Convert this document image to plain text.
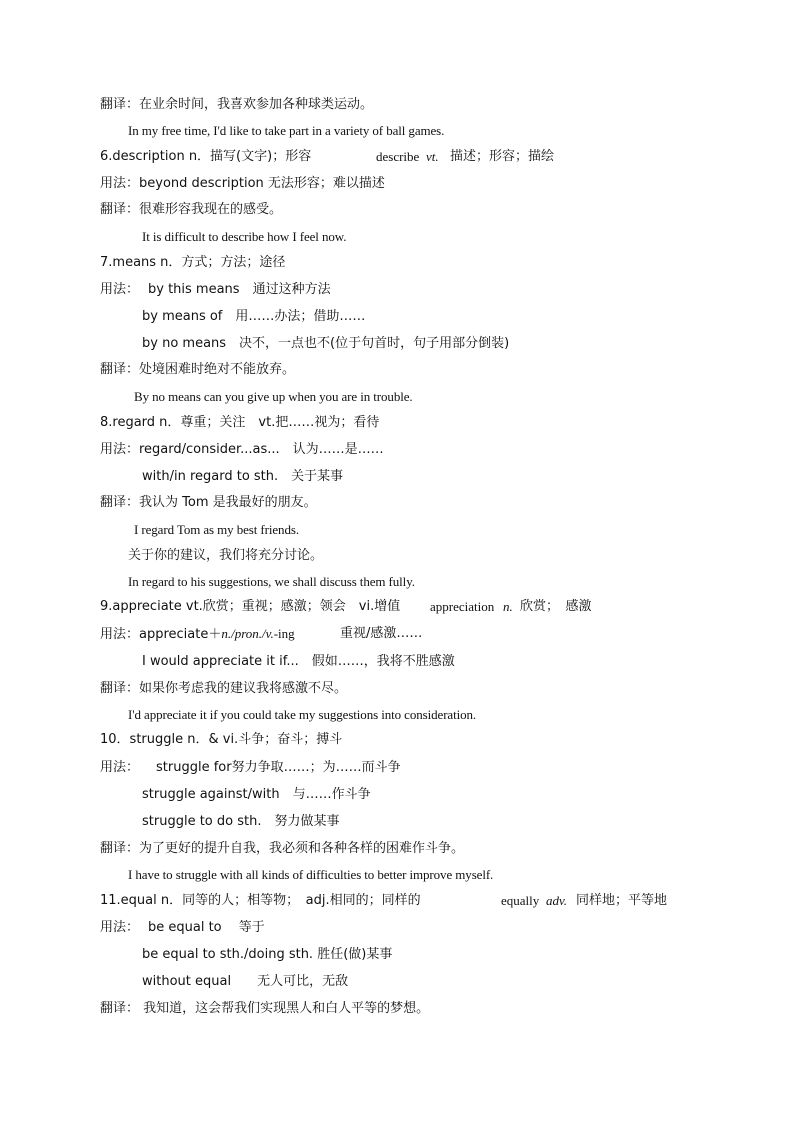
翻译：在业余时间，我喜欢参加各种球类运动。
In my free time, I'd like to take part in a variety of ball games.
6.description n．描写(文字)；形容	describe vt. 描述；形容；描绘
用法：beyond description 无法形容；难以描述
翻译：很难形容我现在的感受。
It is difficult to describe how I feel now.
7.means n．方式；方法；途径
用法： by this means　通过这种方法
by means of　用……办法；借助……
by no means　决不，一点也不(位于句首时，句子用部分倒装)
翻译：处境困难时绝对不能放弃。
By no means can you give up when you are in trouble.
8.regard n．尊重；关注　vt.把……视为；看待
用法：regard/consider...as...　认为……是……
with/in regard to sth.　关于某事
翻译：我认为 Tom 是我最好的朋友。
I regard Tom as my best friends.
关于你的建议，我们将充分讨论。
In regard to his suggestions, we shall discuss them fully.
9.appreciate vt.欣赏；重视；感激；领会　vi.增值 appreciation n. 欣赏；　感激
用法：appreciate＋n./pron./v.-ing	重视/感激……
I would appreciate it if...　假如……，我将不胜感激
翻译：如果你考虑我的建议我将感激不尽。
I'd appreciate it if you could take my suggestions into consideration.
10．struggle n．& vi.斗争；奋斗；搏斗
用法： struggle for努力争取……；为……而斗争
struggle against/with　与……作斗争
struggle to do sth.　努力做某事
翻译：为了更好的提升自我，我必须和各种各样的困难作斗争。
I have to struggle with all kinds of difficulties to better improve myself.
11.equal n．同等的人；相等物；　adj.相同的；同样的	equally adv. 同样地；平等地
用法： be equal to　 等于
be equal to sth./doing sth. 胜任(做)某事
without equal　　无人可比，无敌
翻译： 我知道，这会帮我们实现黑人和白人平等的梦想。
